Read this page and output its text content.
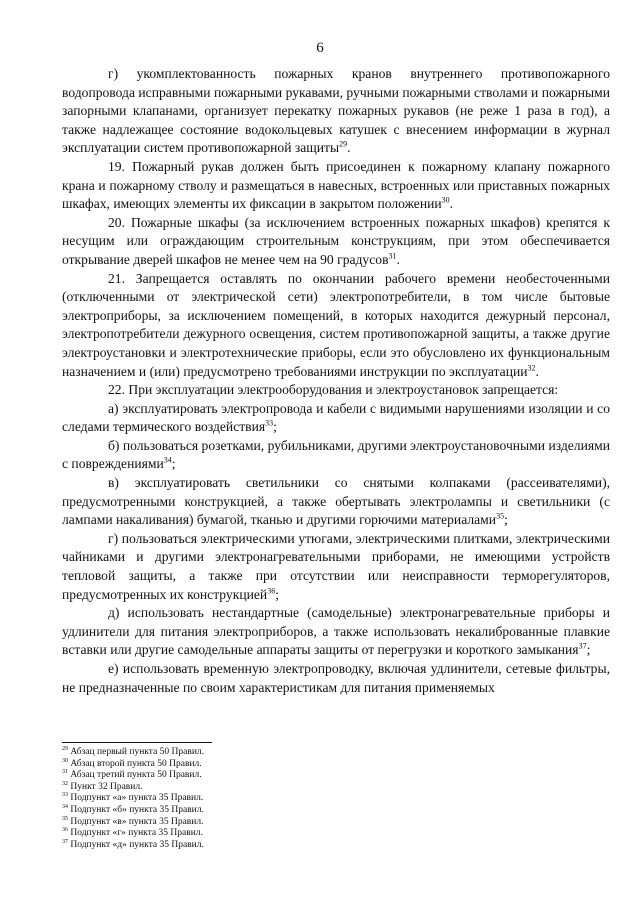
6

г) укомплектованность пожарных кранов внутреннего противопожарного водопровода исправными пожарными рукавами, ручными пожарными стволами и пожарными запорными клапанами, организует перекатку пожарных рукавов (не реже 1 раза в год), а также надлежащее состояние водокольцевых катушек с внесением информации в журнал эксплуатации систем противопожарной защиты$^{29}$.

19. Пожарный рукав должен быть присоединен к пожарному клапану пожарного крана и пожарному стволу и размещаться в навесных, встроенных или приставных пожарных шкафах, имеющих элементы их фиксации в закрытом положении$^{30}$.

20. Пожарные шкафы (за исключением встроенных пожарных шкафов) крепятся к несущим или ограждающим строительным конструкциям, при этом обеспечивается открывание дверей шкафов не менее чем на 90 градусов$^{31}$.

21. Запрещается оставлять по окончании рабочего времени необесточенными (отключенными от электрической сети) электропотребители, в том числе бытовые электроприборы, за исключением помещений, в которых находится дежурный персонал, электропотребители дежурного освещения, систем противопожарной защиты, а также другие электроустановки и электротехнические приборы, если это обусловлено их функциональным назначением и (или) предусмотрено требованиями инструкции по эксплуатации$^{32}$.

22. При эксплуатации электрооборудования и электроустановок запрещается:

а) эксплуатировать электропровода и кабели с видимыми нарушениями изоляции и со следами термического воздействия$^{33}$;

б) пользоваться розетками, рубильниками, другими электроустановочными изделиями с повреждениями$^{34}$;

в) эксплуатировать светильники со снятыми колпаками (рассеивателями), предусмотренными конструкцией, а также обертывать электролампы и светильники (с лампами накаливания) бумагой, тканью и другими горючими материалами$^{35}$;

г) пользоваться электрическими утюгами, электрическими плитками, электрическими чайниками и другими электронагревательными приборами, не имеющими устройств тепловой защиты, а также при отсутствии или неисправности терморегуляторов, предусмотренных их конструкцией$^{36}$;

д) использовать нестандартные (самодельные) электронагревательные приборы и удлинители для питания электроприборов, а также использовать некалиброванные плавкие вставки или другие самодельные аппараты защиты от перегрузки и короткого замыкания$^{37}$;

е) использовать временную электропроводку, включая удлинители, сетевые фильтры, не предназначенные по своим характеристикам для питания применяемых

$^{29}$ Абзац первый пункта 50 Правил.

$^{30}$ Абзац второй пункта 50 Правил.

$^{31}$ Абзац третий пункта 50 Правил.

$^{32}$ Пункт 32 Правил.

$^{33}$ Подпункт «а» пункта 35 Правил.

$^{34}$ Подпункт «б» пункта 35 Правил.

$^{35}$ Подпункт «в» пункта 35 Правил.

$^{36}$ Подпункт «г» пункта 35 Правил.

$^{37}$ Подпункт «д» пункта 35 Правил.
